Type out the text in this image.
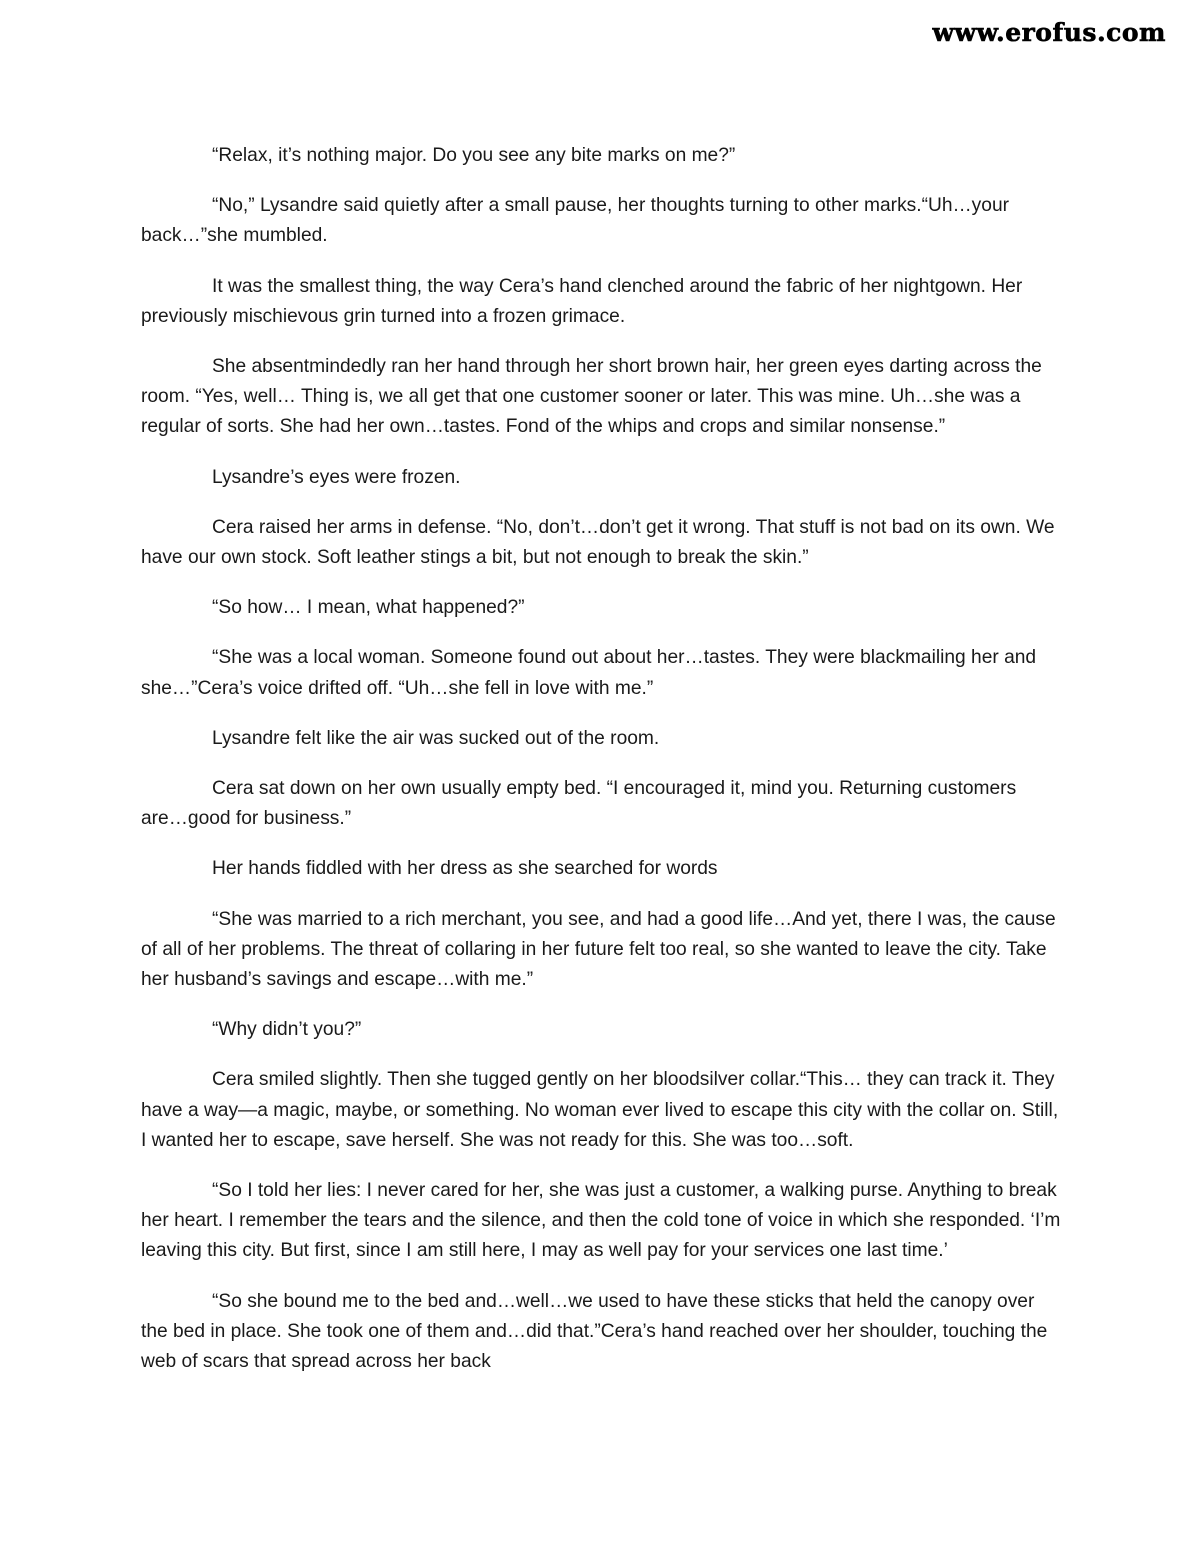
www.erofus.com

“Relax, it’s nothing major. Do you see any bite marks on me?”

“No,” Lysandre said quietly after a small pause, her thoughts turning to other marks.“Uh…your back…”she mumbled.

It was the smallest thing, the way Cera’s hand clenched around the fabric of her nightgown. Her previously mischievous grin turned into a frozen grimace.

She absentmindedly ran her hand through her short brown hair, her green eyes darting across the room. “Yes, well… Thing is, we all get that one customer sooner or later. This was mine. Uh…she was a regular of sorts. She had her own…tastes. Fond of the whips and crops and similar nonsense.”

Lysandre’s eyes were frozen.

Cera raised her arms in defense. “No, don’t…don’t get it wrong. That stuff is not bad on its own. We have our own stock. Soft leather stings a bit, but not enough to break the skin.”

“So how… I mean, what happened?”

“She was a local woman. Someone found out about her…tastes. They were blackmailing her and she…”Cera’s voice drifted off. “Uh…she fell in love with me.”

Lysandre felt like the air was sucked out of the room.

Cera sat down on her own usually empty bed. “I encouraged it, mind you. Returning customers are…good for business.”

Her hands fiddled with her dress as she searched for words

“She was married to a rich merchant, you see, and had a good life…And yet, there I was, the cause of all of her problems. The threat of collaring in her future felt too real, so she wanted to leave the city. Take her husband’s savings and escape…with me.”

“Why didn’t you?”

Cera smiled slightly. Then she tugged gently on her bloodsilver collar.“This… they can track it. They have a way—a magic, maybe, or something. No woman ever lived to escape this city with the collar on. Still, I wanted her to escape, save herself. She was not ready for this. She was too…soft.

“So I told her lies: I never cared for her, she was just a customer, a walking purse. Anything to break her heart. I remember the tears and the silence, and then the cold tone of voice in which she responded. ‘I’m leaving this city. But first, since I am still here, I may as well pay for your services one last time.’

“So she bound me to the bed and…well…we used to have these sticks that held the canopy over the bed in place. She took one of them and…did that.”Cera’s hand reached over her shoulder, touching the web of scars that spread across her back
